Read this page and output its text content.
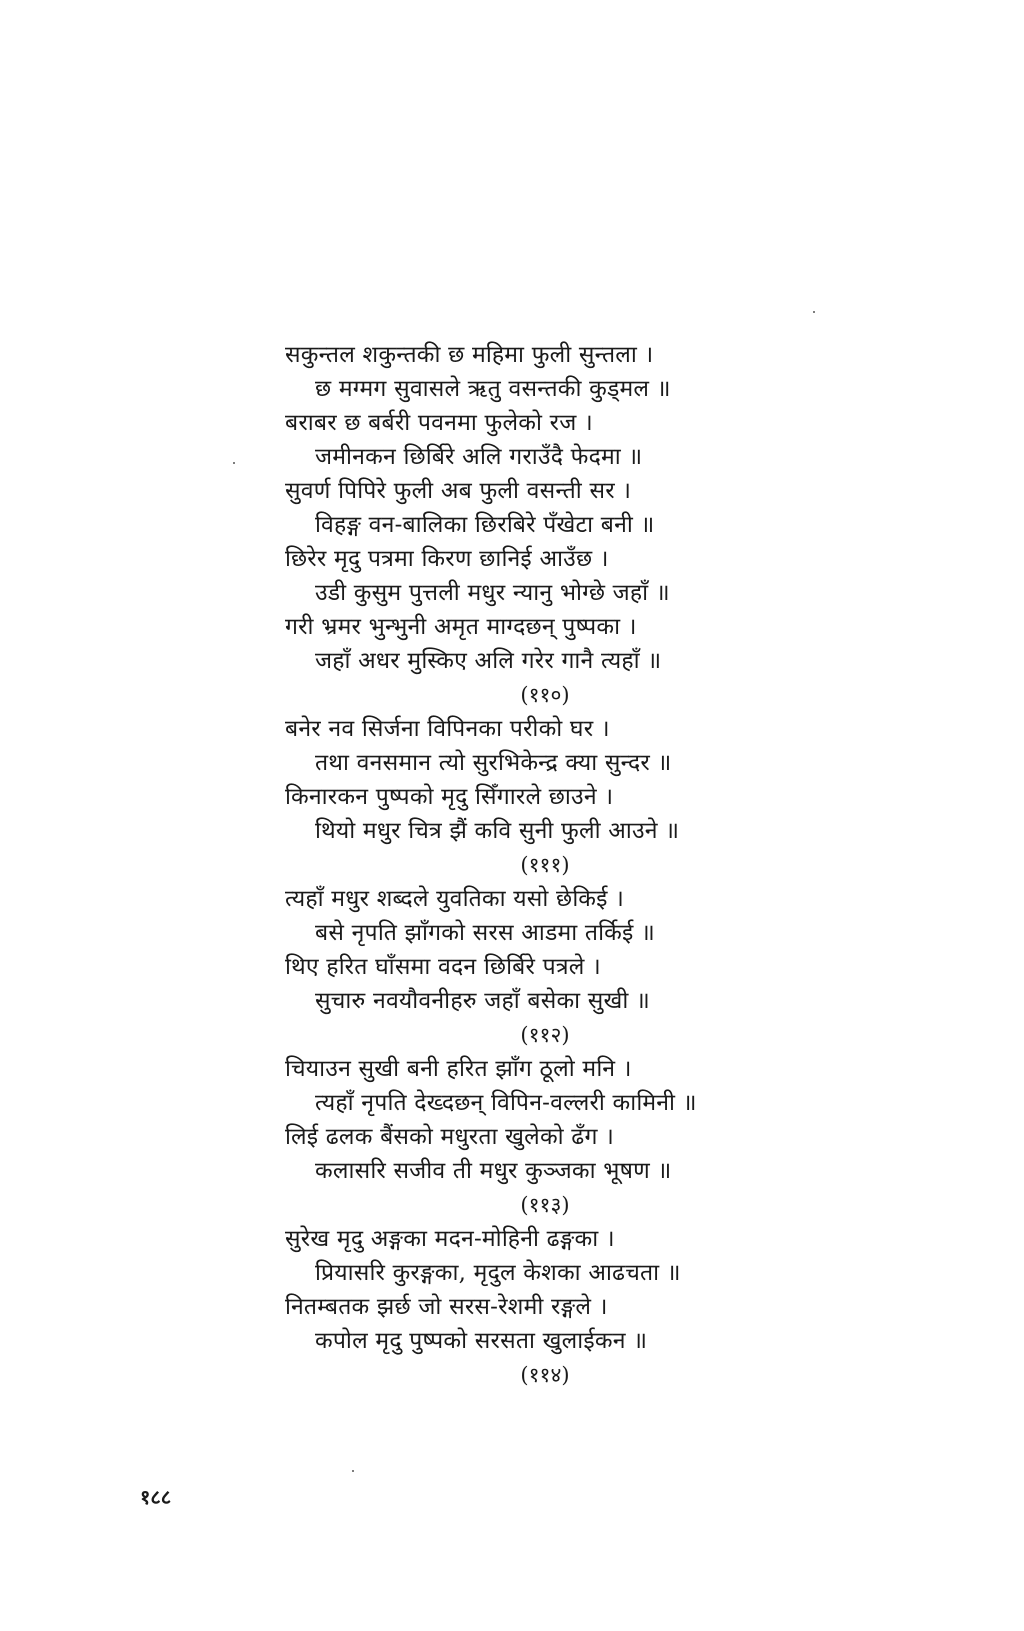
सकुन्तल शकुन्तकी छ महिमा फुली सुन्तला ।
छ मग्मग सुवासले ऋतु वसन्तकी कुड्मल ॥
बराबर छ बर्बरी पवनमा फुलेको रज ।
जमीनकन छिर्बिरे अलि गराउँदै फेदमा ॥
सुवर्ण पिपिरे फुली अब फुली वसन्ती सर ।
विहङ्ग वन-बालिका छिरबिरे पँखेटा बनी ॥
छिरेर मृदु पत्रमा किरण छानिई आउँछ ।
उडी कुसुम पुत्तली मधुर न्यानु भोग्छे जहाँ ॥
गरी भ्रमर भुन्भुनी अमृत माग्दछन् पुष्पका ।
जहाँ अधर मुस्किए अलि गरेर गानै त्यहाँ ॥
(११०)
बनेर नव सिर्जना विपिनका परीको घर ।
तथा वनसमान त्यो सुरभिकेन्द्र क्या सुन्दर ॥
किनारकन पुष्पको मृदु सिँगारले छाउने ।
थियो मधुर चित्र झैं कवि सुनी फुली आउने ॥
(१११)
त्यहाँ मधुर शब्दले युवतिका यसो छेकिई ।
बसे नृपति झाँगको सरस आडमा तर्किई ॥
थिए हरित घाँसमा वदन छिर्बिरे पत्रले ।
सुचारु नवयौवनीहरु जहाँ बसेका सुखी ॥
(११२)
चियाउन सुखी बनी हरित झाँग ठूलो मनि ।
त्यहाँ नृपति देख्दछन् विपिन-वल्लरी कामिनी ॥
लिई ढलक बैंसको मधुरता खुलेको ढँग ।
कलासरि सजीव ती मधुर कुञ्जका भूषण ॥
(११३)
सुरेख मृदु अङ्गका मदन-मोहिनी ढङ्गका ।
प्रियासरि कुरङ्गका, मृदुल केशका आढचता ॥
नितम्बतक झर्छ जो सरस-रेशमी रङ्गले ।
कपोल मृदु पुष्पको सरसता खुलाईकन ॥
(११४)
१८८
